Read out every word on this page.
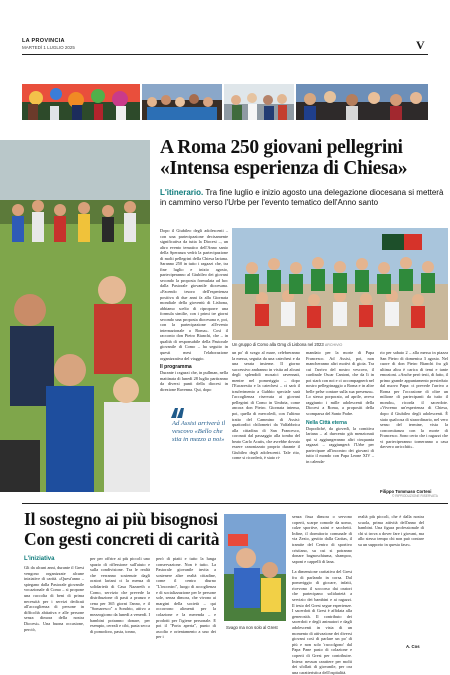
LA PROVINCIA
MARTEDÌ 1 LUGLIO 2025	V
A Roma 250 giovani pellegrini
«Intensa esperienza di Chiesa»
L'itinerario. Tra fine luglio e inizio agosto una delegazione diocesana si metterà in cammino verso l'Urbe per l'evento tematico dell'Anno santo

Dopo il Giubileo degli adolescenti – con una partecipazione decisamente significativa da tutta la Diocesi –, un altro evento tematico dell'Anno santo della Speranza vedrà la partecipazione di molti pellegrini della Chiesa lariana. Saranno 250 in tutto i ragazzi che, tra fine luglio e inizio agosto, parteciperanno al Giubileo dei giovani secondo la proposta formulata ad hoc dalla Pastorale giovanile diocesana. «Facendo tesoro dell'esperienza positiva di due anni fa alla Giornata mondiale della gioventù di Lisbona, abbiamo scelto di riproporre una formula similie, con i primi tre giorni secondo una proposta diocesana e, poi, con la partecipazione all'evento internazionale a Roma». Così il racconto don Pietro Bianchi, che – in qualità di responsabile della Pastorale giovanile di Como – ha seguito in questi mesi l'elaborazione organizzativa del viaggio.

Il programma

Durante i ragazzi che, in pullman, nella mattinata di lunedì 28 luglio partiranno da diversi punti della diocesi in direzione Ravenna. Qui, dopo

Ad Assisi arriverà il vescovo «Bello che stia in mezzo a noi»
Un gruppo di Como alla Gmg di Lisbona nel 2023 ARCHIVIO

un po' di svago al mare, celebreranno la messa, seguita da una catechesi e da una serata insieme. Il giorno successivo andranno in visita ad alcuni degli splendidi mosaici ravennati, mentre nel pomeriggio – dopo l'Eucarestia e la catechesi – ci sarà il trasferimento a Gubbio speciale sarà l'accoglienza riservata ai giovani pellegrini di Como in Umbria, come ancora don Pietro. Giornata intensa, poi, quella di mercoledì, con l'ultimo tratto del Cammino di Assisi: quattordici chilometri da Valfabbrica alla cittadina di San Francesco, coronati dal passaggio alla tomba del beato Carlo Acutis, che avrebbe dovuto essere canonizzato proprio durante il Giubileo degli adolescenti. Tale rito, come si ricorderà, è stato ri-

mandato per la morte di Papa Francesco. Ad Assisi, poi, non mancheranno altri motivi di gioia. Tra cui l'arrivo del nostro vescovo, il cardinale Oscar Cantoni, che da lì in poi starà con noi e ci accompagnerà nel nostro pellegrinaggio a Roma e in altre belle pelse contare sulla sua presenza». Lo stesso porporato, ad aprile, aveva raggiunto i mille adolescenti della Diocesi a Roma, a propositi della scomparsa del Santo Padre.

Nella Città eterna

Dopodiché, da giovedì, la comitiva lariana – al duecento già menzionati qui si aggiungeranno altri cinquanta ragazzi – raggiungerà l'Urbe per partecipare all'incontro dei giovani di tutto il mondo con Papa Leone XIV – in calenda-

rio per sabato 2 – alla messa in piazza San Pietro di domenica 3 agosto. Nel cuore di don Pietro Bianchi fra gli ultima altra è carica di temi e tante emozioni. «Anche però testi, di fatto, il primo grande appuntamento presieduto dal nuovo Papa: ci prevede l'arrivo a Roma per l'occasione di oltre un milione di partecipanti da tutto il mondo», ricorda il sacerdote. «Vivremo un'esperienza di Chiesa, dopo il Giubileo degli adolescenti. È stato qualcosa di straordinario, nel vero senso del termine, vista la concomitanza con la morte di Francesco. Sono certo che i ragazzi che vi parteciperanno torneranno a casa davvero arricchiti».

Filippo Tommaso Corteni
© RIPRODUZIONE RISERVATA
Il sostegno ai più bisognosi
Con gesti concreti di carità
L'iniziativa

Gli da alcuni anni, durante il Grest vengono organizzate alcune iniziative di carità. «Quest'anno – spiegano dalla Pastorale giovanile vocazionale di Como – si propone una raccolta di beni di prima necessità per i servizi dedicati all'accoglienza di persone in difficoltà abitativa e alle persone senza dimora della nostra Diocesi». Una buona occasione, perciò,

per per offrire ai più piccoli uno spazio di riflessione sull'aiuto e sulla condivisione. Tra le realtà che verranno sostenute dagli oratori lariani ci la mensa di solidarietà di Casa Nazareth o Como, servizio che prevede la distribuzione di pasti a pranzo e cena per 365 giorni l'anno, e il "Somaresco" a Sondrio, attivo a mezzogiorno da lunedì a venerdì. I bambini potranno donare, per esempio, cereali e cibi, pasta secca di pomodoro, pasta, tonno,

però di piatti e tutto la lunga conservazione. Non è tutto. La Pastorale giovanile invita a sostenere altre realtà cittadine, come il centro diurno "L'incontro", luogo di accoglienza e di socializzazione per le persone sole, senza dimora, che vivono ai margini della società – qui occorrono alimenti per la colazione e la merenda – e prodotti per l'igiene personale. E poi il "Porta aperta", punto di ascolto e orientamento a uno dei per i

Svago ma non solo al Grest

senza fissa dimora o servono coperti, scarpe comode da uomo, calze sportive, zaini e sacchetti. Infine, il dormitorio comunale di via Zezio, gestito dalla Caritas, il tramite del Centro di sportivo cristiano, su cui si potranno donare bagnoschiuma, shampoo, saponi e cappelli di lana.

La dimensione caritativa del Grest fra di parlando in corsa. Dal pomeriggio di giocare, infatti, ricevono il soccorso dai oratori che partecipano solidarietà a servizio dei bambini e ai ragazzi. Il testo del Grest segue esperienze. I sacerdoti di Grest è affidata alla generosità. Il contributo dei sacerdoti e degli animatori e dagli adolescenti in vista di un momento di attivazione dei diversi giovani così di parlare un po' di più e non solo 'raccolgono' dal Papa Pane pasto di colazione e coperti di Grest per contribuire. Intera: nessun carattere per molti dei sfollati di giovanile, per ora una caratteristica dell'ospitalità.

realtà più piccoli, che è dalla nostra scuola, prima attività dell'anno del bambini. Una figura professionale di chi si trova a dover fare i giovani, ma allo stesso tempo chi non può contare su un supporto in questa fase».

A. Cos
